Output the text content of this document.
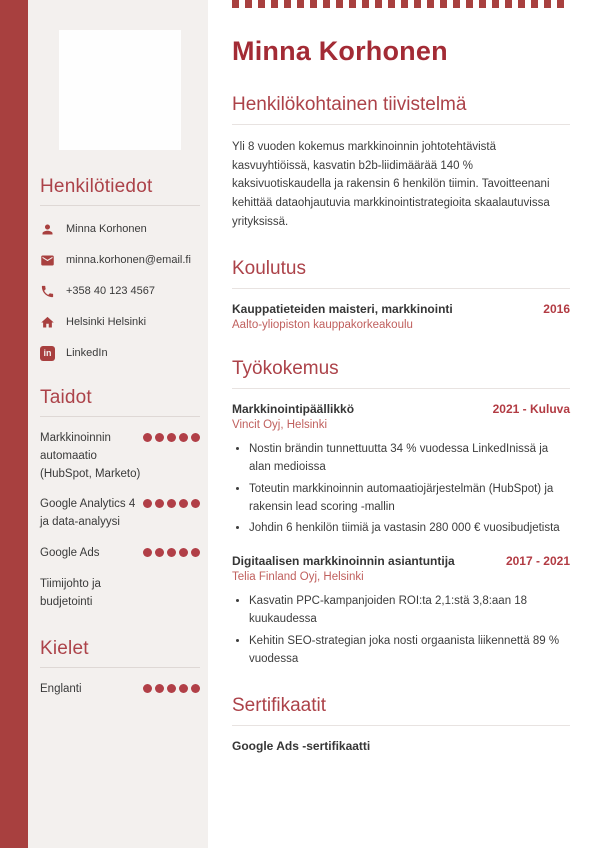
Henkilötiedot
Minna Korhonen
minna.korhonen@email.fi
+358 40 123 4567
Helsinki Helsinki
in	LinkedIn
Taidot
Markkinoinnin automaatio (HubSpot, Marketo)
Google Analytics 4 ja data-analyysi
Google Ads
Tiimijohto ja budjetointi
Kielet
Englanti
Minna Korhonen
Henkilökohtainen tiivistelmä

Yli 8 vuoden kokemus markkinoinnin johtotehtävistä kasvuyhtiöissä, kasvatin b2b-liidimäärää 140 % kaksivuotiskaudella ja rakensin 6 henkilön tiimin. Tavoitteenani kehittää dataohjautuvia markkinointistrategioita skaalautuvissa yrityksissä.

Koulutus
Kauppatieteiden maisteri, markkinointi	2016
Aalto-yliopiston kauppakorkeakoulu
Työkokemus
Markkinointipäällikkö	2021 - Kuluva
Vincit Oyj, Helsinki
• Nostin brändin tunnettuutta 34 % vuodessa LinkedInissä ja alan medioissa
• Toteutin markkinoinnin automaatiojärjestelmän (HubSpot) ja rakensin lead scoring -mallin
• Johdin 6 henkilön tiimiä ja vastasin 280 000 € vuosibudjetista
Digitaalisen markkinoinnin asiantuntija	2017 - 2021
Telia Finland Oyj, Helsinki
• Kasvatin PPC-kampanjoiden ROI:ta 2,1:stä 3,8:aan 18 kuukaudessa
• Kehitin SEO-strategian joka nosti orgaanista liikennettä 89 % vuodessa
Sertifikaatit
Google Ads -sertifikaatti
